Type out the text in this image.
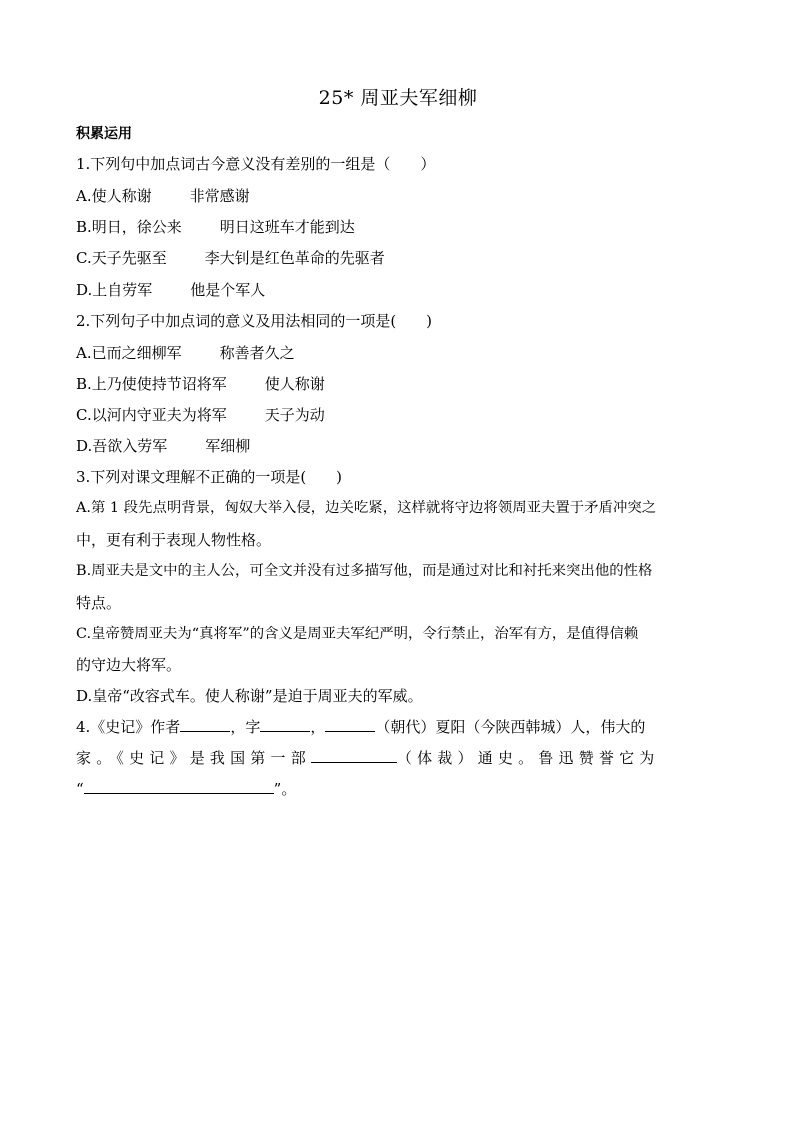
25* 周亚夫军细柳
积累运用
1.下列句中加点词古今意义没有差别的一组是（ ）
A.使人称谢	非常感谢
B.明日，徐公来	明日这班车才能到达
C.天子先驱至	李大钊是红色革命的先驱者
D.上自劳军	他是个军人
2.下列句子中加点词的意义及用法相同的一项是( )
A.已而之细柳军	称善者久之
B.上乃使使持节诏将军	使人称谢
C.以河内守亚夫为将军	天子为动
D.吾欲入劳军	军细柳
3.下列对课文理解不正确的一项是( )
A.第 1 段先点明背景，匈奴大举入侵，边关吃紧，这样就将守边将领周亚夫置于矛盾冲突之
中，更有利于表现人物性格。
B.周亚夫是文中的主人公，可全文并没有过多描写他，而是通过对比和衬托来突出他的性格
特点。
C.皇帝赞周亚夫为“真将军”的含义是周亚夫军纪严明，令行禁止，治军有方，是值得信赖
的守边大将军。
D.皇帝“改容式车。使人称谢”是迫于周亚夫的军威。
4.《史记》作者	，字	，	（朝代）夏阳（今陕西韩城）人，伟大的
家。《史记》是我国第一部	（体裁）通史。鲁迅赞誉它为
“	”。
